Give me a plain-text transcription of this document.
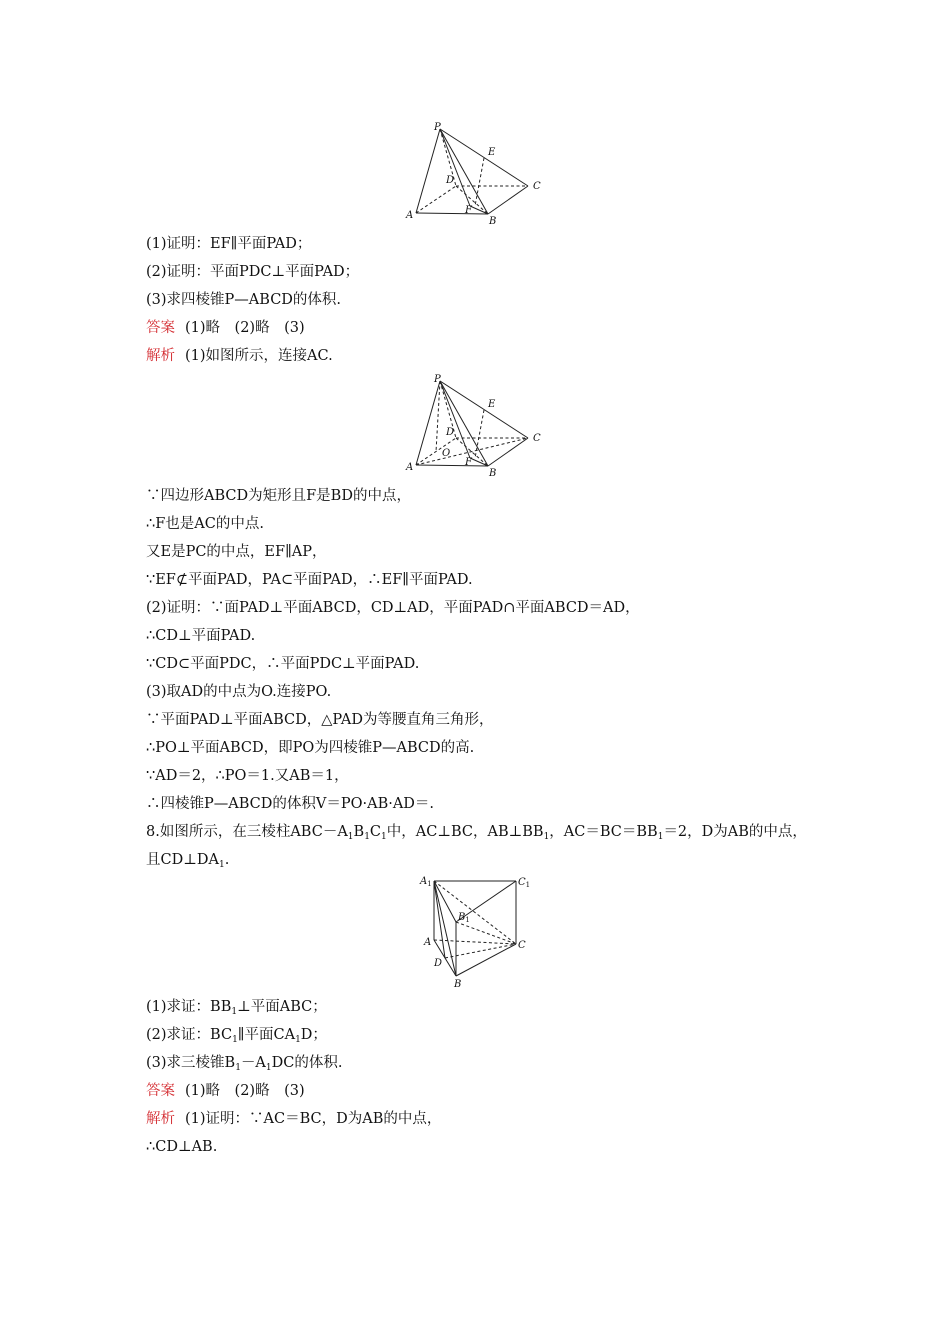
P
E
D
C
A	F
B
(1)证明：EF∥平面PAD；
(2)证明：平面PDC⊥平面PAD；
(3)求四棱锥P—ABCD的体积.
答案 (1)略　(2)略　(3)
解析 (1)如图所示，连接AC.
P
E
D
C
A
O
F
B
∵四边形ABCD为矩形且F是BD的中点，
∴F也是AC的中点.
又E是PC的中点，EF∥AP，
∵EF⊄平面PAD，PA⊂平面PAD，∴EF∥平面PAD.
(2)证明：∵面PAD⊥平面ABCD，CD⊥AD，平面PAD∩平面ABCD＝AD，
∴CD⊥平面PAD.
∵CD⊂平面PDC，∴平面PDC⊥平面PAD.
(3)取AD的中点为O.连接PO.
∵平面PAD⊥平面ABCD，△PAD为等腰直角三角形，
∴PO⊥平面ABCD，即PO为四棱锥P—ABCD的高.
∵AD＝2，∴PO＝1.又AB＝1，
∴四棱锥P—ABCD的体积V＝PO·AB·AD＝.
8.如图所示，在三棱柱$ABC-A_1B_1C_1$中，AC⊥BC，$AB\perp BB_1$，$AC=BC=BB_1=2$，D为AB的中点，
且$CD\perp DA_1$.
$A_1$	$C_1$
$B_1$
A	C
D
B
(1)求证：$BB_1\perp$平面ABC；
(2)求证：$BC_1\parallel$平面$CA_1D$；
(3)求三棱锥$B_1-A_1DC$的体积.
答案 (1)略　(2)略　(3)
解析 (1)证明：∵AC＝BC，D为AB的中点，
∴CD⊥AB.
